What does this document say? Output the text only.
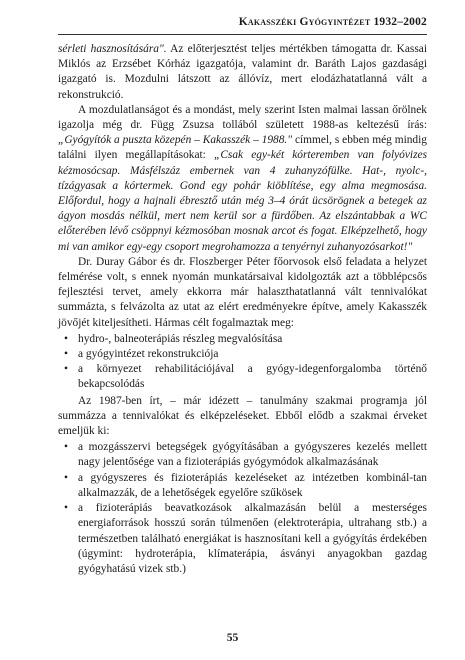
Kakasszéki Gyógyintézet 1932–2002

sérleti hasznosítására". Az előterjesztést teljes mértékben támogatta dr. Kassai Miklós az Erzsébet Kórház igazgatója, valamint dr. Baráth Lajos gazdasági igazgató is. Mozdulni látszott az állóvíz, mert elodázhatatlanná vált a rekonstrukció.

A mozdulatlanságot és a mondást, mely szerint Isten malmai lassan őrölnek igazolja még dr. Függ Zsuzsa tollából született 1988-as keltezésű írás: „Gyógyítók a puszta közepén – Kakasszék – 1988." címmel, s ebben még mindig találni ilyen megállapításokat: „Csak egy-két kórteremben van folyóvizes kézmosócsap. Másfélszáz embernek van 4 zuhanyzófülke. Hat-, nyolc-, tízágyasak a kórtermek. Gond egy pohár kiöblítése, egy alma megmosása. Előfordul, hogy a hajnali ébresztő után még 3–4 órát ücsörögnek a betegek az ágyon mosdás nélkül, mert nem kerül sor a fürdőben. Az elszántabbak a WC előterében lévő csöppnyi kézmosóban mosnak arcot és fogat. Elképzelhető, hogy mi van amikor egy-egy csoport megrohamozza a tenyérnyi zuhanyozósarkot!"

Dr. Duray Gábor és dr. Floszberger Péter főorvosok első feladata a helyzet felmérése volt, s ennek nyomán munkatársaival kidolgozták azt a többlépcsős fejlesztési tervet, amely ekkorra már halaszthatatlanná vált tennivalókat summázta, s felvázolta az utat az elért eredményekre építve, amely Kakasszék jövőjét kiteljesítheti. Hármas célt fogalmaztak meg:

• hydro-, balneoterápiás részleg megvalósítása
• a gyógyintézet rekonstrukciója
• a környezet rehabilitációjával a gyógy-idegenforgalomba történő bekapcsolódás

Az 1987-ben írt, – már idézett – tanulmány szakmai programja jól summázza a tennivalókat és elképzeléseket. Ebből elődb a szakmai érveket emeljük ki:

• a mozgásszervi betegségek gyógyításában a gyógyszeres kezelés mellett nagy jelentősége van a fizioterápiás gyógymódok alkalmazásának
• a gyógyszeres és fizioterápiás kezeléseket az intézetben kombinál-tan alkalmazzák, de a lehetőségek egyelőre szűkösek
• a fizioterápiás beavatkozások alkalmazásán belül a mesterséges energiaforrások hosszú során túlmenően (elektroterápia, ultrahang stb.) a természetben található energiákat is hasznosítani kell a gyógyítás érdekében (úgymint: hydroterápia, klímaterápia, ásványi anyagokban gazdag gyógyhatású vizek stb.)
55
